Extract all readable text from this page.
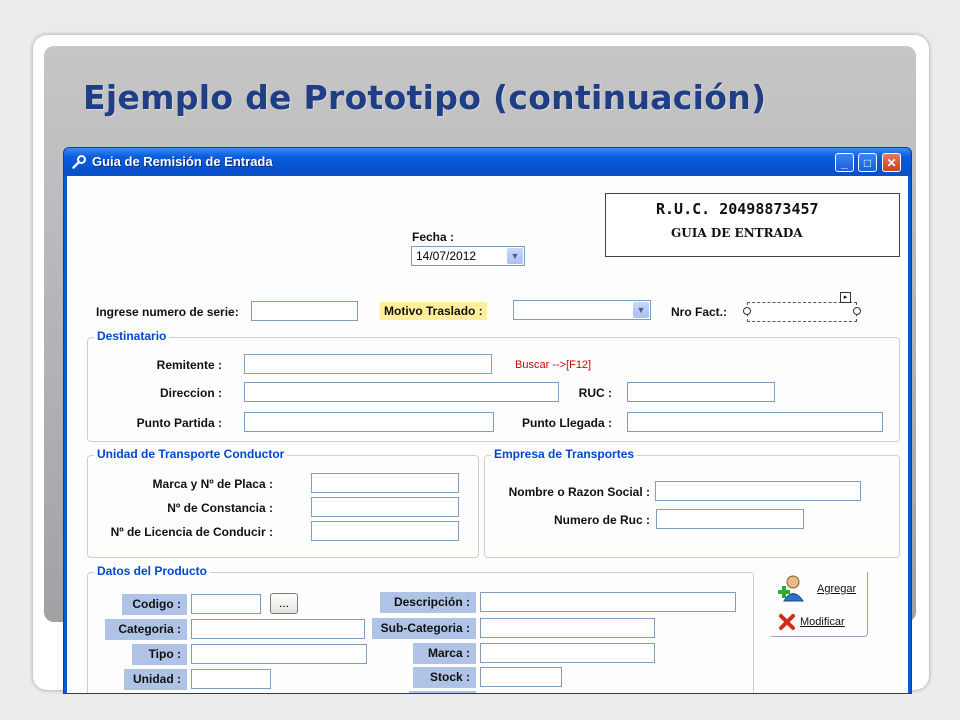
Ejemplo de Prototipo (continuación)
Guia de Remisión de Entrada	_	□	✕
R.U.C. 20498873457
GUIA DE ENTRADA
Fecha :
14/07/2012	▼
Ingrese numero de serie:	Motivo Traslado :	▼ Nro Fact.:
▸
Destinatario
Remitente :	Buscar -->[F12]
Direccion :	RUC :
Punto Partida :	Punto Llegada :
Unidad de Transporte Conductor
Marca y Nº de Placa :
Nº de Constancia :
Nº de Licencia de Conducir :
Empresa de Transportes
Nombre o Razon Social :
Numero de Ruc :
Datos del Producto
Codigo :	...
Categoria :
Tipo :
Unidad :
Descripción :
Sub-Categoria :
Marca :
Stock :
Agregar
Modificar
